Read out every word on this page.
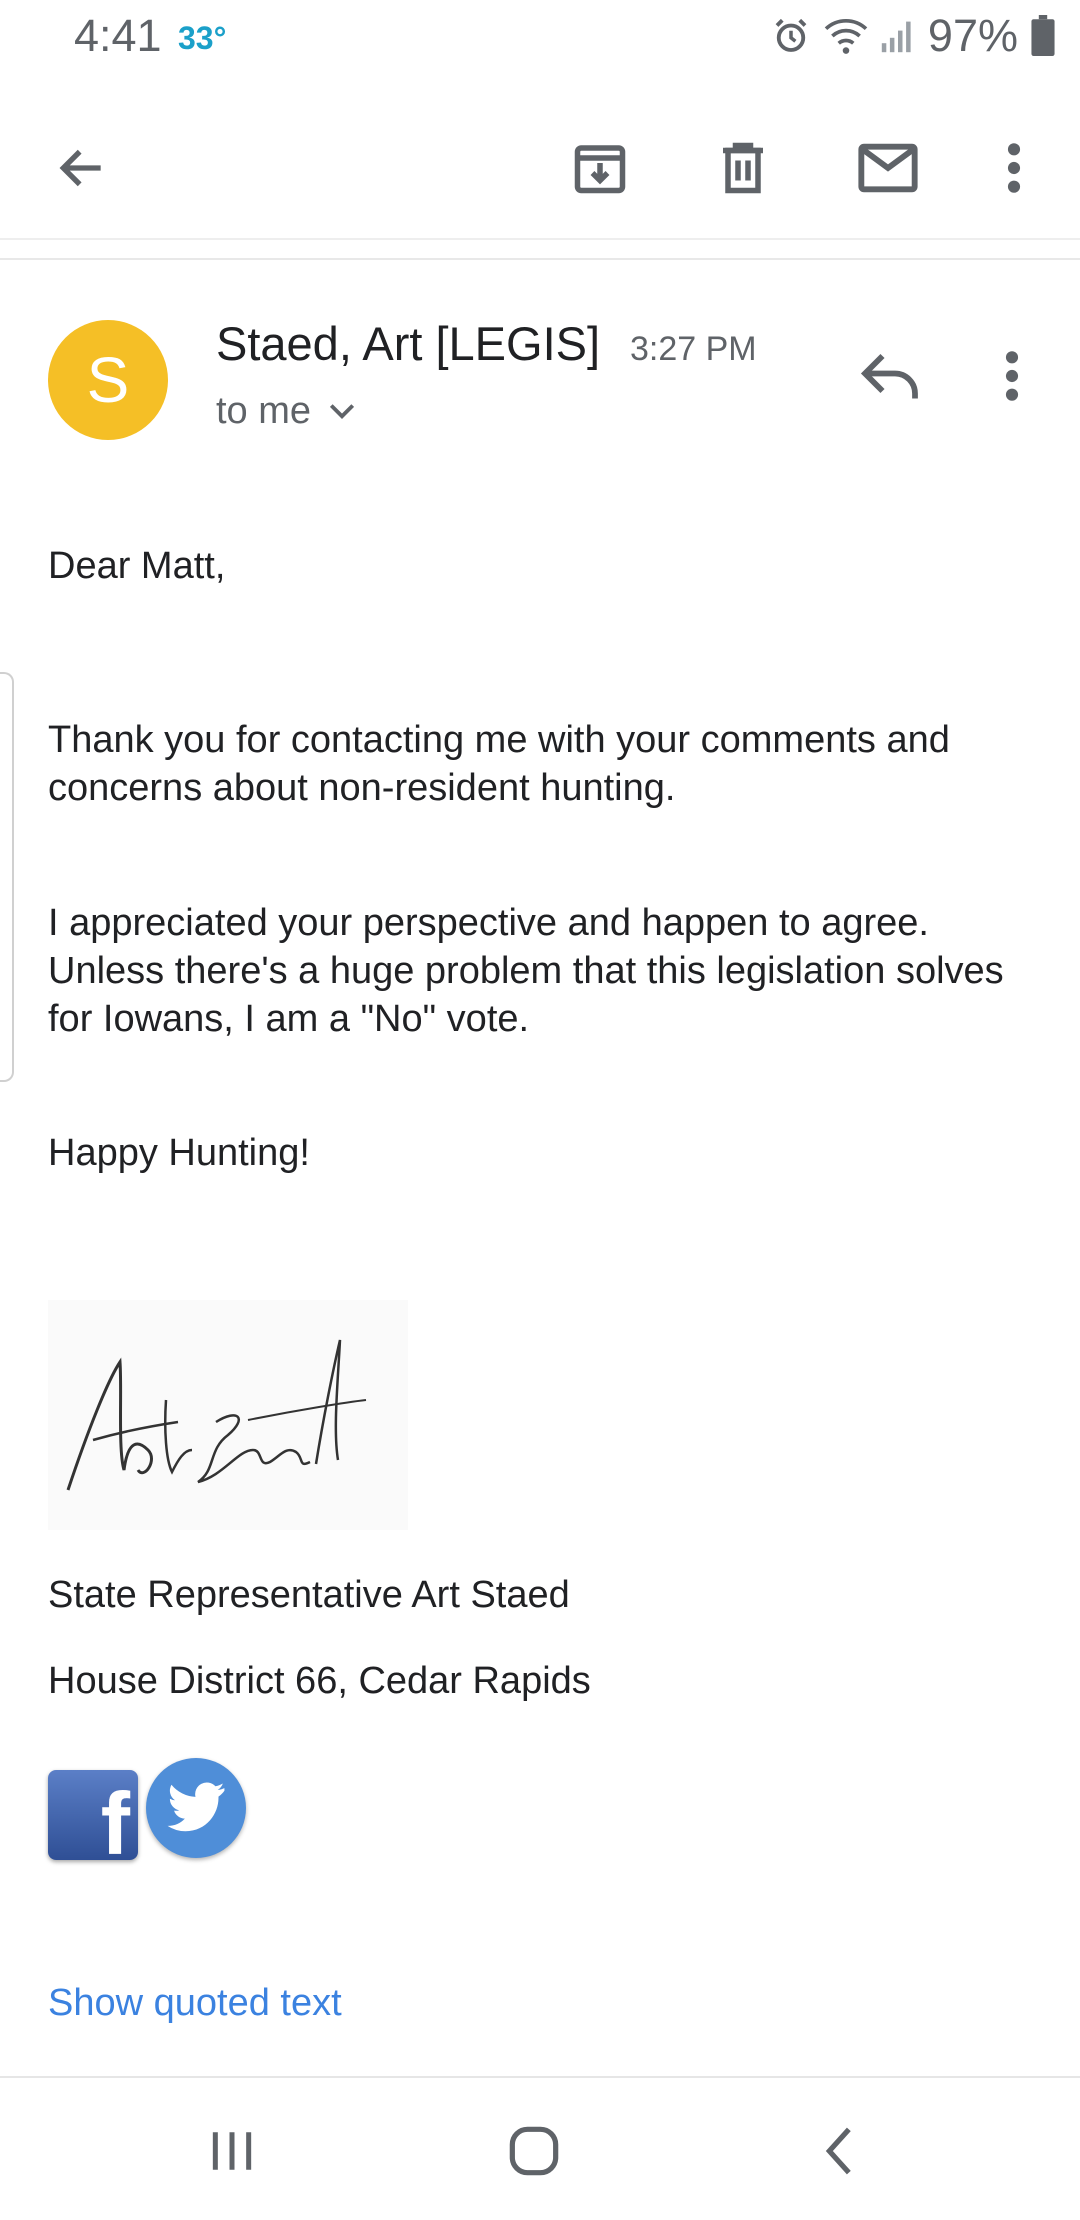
4:41 33°	97%
S
Staed, Art [LEGIS] 3:27 PM
to me

Dear Matt,

Thank you for contacting me with your comments and concerns about non-resident hunting.

I appreciated your perspective and happen to agree. Unless there's a huge problem that this legislation solves for Iowans, I am a "No" vote.

Happy Hunting!

State Representative Art Staed

House District 66, Cedar Rapids

f
Show quoted text
